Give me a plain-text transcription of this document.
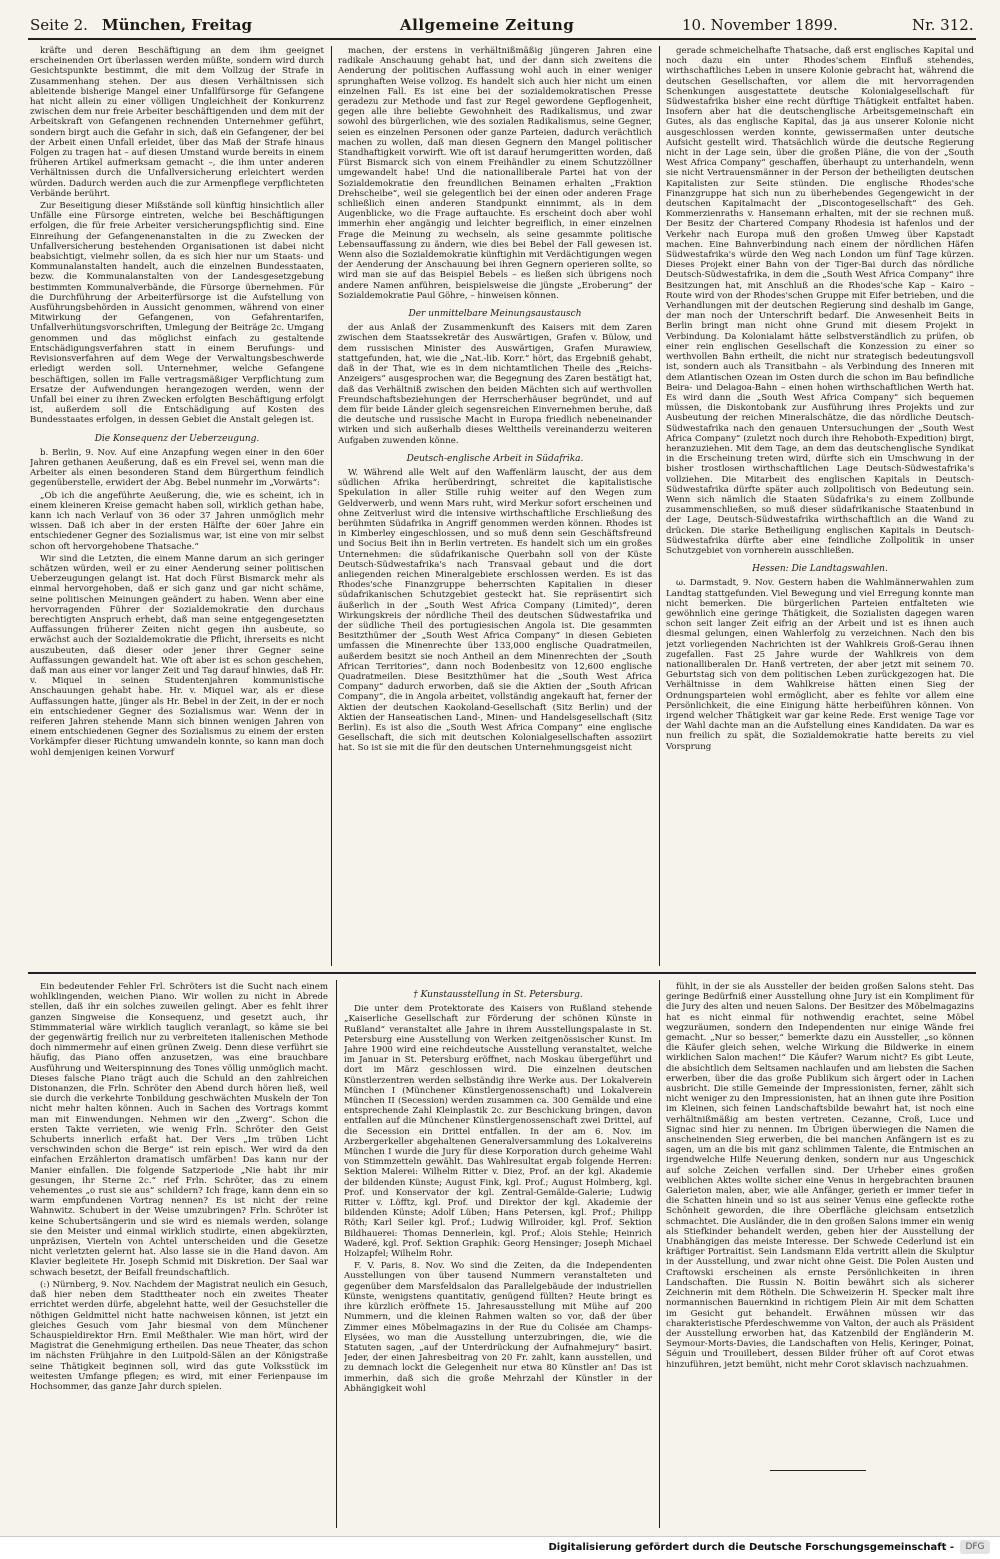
Seite 2. München, Freitag	Allgemeine Zeitung	10. November 1899.	Nr. 312.

kräfte und deren Beschäftigung an dem ihm geeignet erscheinenden Ort überlassen werden müßte, sondern wird durch Gesichtspunkte bestimmt, die mit dem Vollzug der Strafe in Zusammenhang stehen. Der aus diesen Verhältnissen sich ableitende bisherige Mangel einer Unfallfürsorge für Gefangene hat nicht allein zu einer völligen Ungleichheit der Konkurrenz zwischen dem nur freie Arbeiter beschäftigenden und dem mit der Arbeitskraft von Gefangenen rechnenden Unternehmer geführt, sondern birgt auch die Gefahr in sich, daß ein Gefangener, der bei der Arbeit einen Unfall erleidet, über das Maß der Strafe hinaus Folgen zu tragen hat – auf diesen Umstand wurde bereits in einem früheren Artikel aufmerksam gemacht –, die ihm unter anderen Verhältnissen durch die Unfallversicherung erleichtert werden würden. Dadurch werden auch die zur Armenpflege verpflichteten Verbände berührt.

Zur Beseitigung dieser Mißstände soll künftig hinsichtlich aller Unfälle eine Fürsorge eintreten, welche bei Beschäftigungen erfolgen, die für freie Arbeiter versicherungspflichtig sind. Eine Einreihung der Gefangenenanstalten in die zu Zwecken der Unfallversicherung bestehenden Organisationen ist dabei nicht beabsichtigt, vielmehr sollen, da es sich hier nur um Staats- und Kommunalanstalten handelt, auch die einzelnen Bundesstaaten, bezw. die Kommunalanstalten von der Landesgesetzgebung bestimmten Kommunalverbände, die Fürsorge übernehmen. Für die Durchführung der Arbeiterfürsorge ist die Aufstellung von Ausführungsbehörden in Aussicht genommen, während von einer Mitwirkung der Gefangenen, von Gefahrentarifen, Unfallverhütungsvorschriften, Umlegung der Beiträge 2c. Umgang genommen und das möglichst einfach zu gestaltende Entschädigungsverfahren statt in einem Berufungs- und Revisionsverfahren auf dem Wege der Verwaltungsbeschwerde erledigt werden soll. Unternehmer, welche Gefangene beschäftigen, sollen im Falle vertragsmäßiger Verpflichtung zum Ersatze der Aufwendungen herangezogen werden, wenn der Unfall bei einer zu ihren Zwecken erfolgten Beschäftigung erfolgt ist, außerdem soll die Entschädigung auf Kosten des Bundesstaates erfolgen, in dessen Gebiet die Anstalt gelegen ist.

Die Konsequenz der Ueberzeugung.

b. Berlin, 9. Nov. Auf eine Anzapfung wegen einer in den 60er Jahren gethanen Aeußerung, daß es ein Frevel sei, wenn man die Arbeiter als einen besonderen Stand dem Bürgerthum feindlich gegenüberstelle, erwidert der Abg. Bebel nunmehr im „Vorwärts“:

„Ob ich die angeführte Aeußerung, die, wie es scheint, ich in einem kleineren Kreise gemacht haben soll, wirklich gethan habe, kann ich nach Verlauf von 36 oder 37 Jahren unmöglich mehr wissen. Daß ich aber in der ersten Hälfte der 60er Jahre ein entschiedener Gegner des Sozialismus war, ist eine von mir selbst schon oft hervorgehobene Thatsache.“

Wir sind die Letzten, die einem Manne darum an sich geringer schätzen würden, weil er zu einer Aenderung seiner politischen Ueberzeugungen gelangt ist. Hat doch Fürst Bismarck mehr als einmal hervorgehoben, daß er sich ganz und gar nicht schäme, seine politischen Meinungen geändert zu haben. Wenn aber eine hervorragenden Führer der Sozialdemokratie den durchaus berechtigten Anspruch erhebt, daß man seine entgegengesetzten Auffassungen früherer Zeiten nicht gegen ihn ausbeute, so erwächst auch der Sozialdemokratie die Pflicht, ihrerseits es nicht auszubeuten, daß dieser oder jener ihrer Gegner seine Auffassungen gewandelt hat. Wie oft aber ist es schon geschehen, daß man aus einer vor langer Zeit und Tag darauf hinwies, daß Hr. v. Miquel in seinen Studentenjahren kommunistische Anschauungen gehabt habe. Hr. v. Miquel war, als er diese Auffassungen hatte, jünger als Hr. Bebel in der Zeit, in der er noch ein entschiedener Gegner des Sozialismus war. Wenn der in reiferen Jahren stehende Mann sich binnen wenigen Jahren von einem entschiedenen Gegner des Sozialismus zu einem der ersten Vorkämpfer dieser Richtung umwandeln konnte, so kann man doch wohl demjenigen keinen Vorwurf

machen, der erstens in verhältnißmäßig jüngeren Jahren eine radikale Anschauung gehabt hat, und der dann sich zweitens die Aenderung der politischen Auffassung wohl auch in einer weniger sprunghaften Weise vollzog. Es handelt sich auch hier nicht um einen einzelnen Fall. Es ist eine bei der sozialdemokratischen Presse geradezu zur Methode und fast zur Regel gewordene Gepflogenheit, gegen alle ihre beliebte Gewohnheit des Radikalismus, und zwar sowohl des bürgerlichen, wie des sozialen Radikalismus, seine Gegner, seien es einzelnen Personen oder ganze Parteien, dadurch verächtlich machen zu wollen, daß man diesen Gegnern den Mangel politischer Standhaftigkeit vorwirft. Wie oft ist darauf herumgeritten worden, daß Fürst Bismarck sich von einem Freihändler zu einem Schutzzöllner umgewandelt habe! Und die nationalliberale Partei hat von der Sozialdemokratie den freundlichen Beinamen erhalten „Fraktion Drehscheibe“, weil sie gelegentlich bei der einen oder anderen Frage schließlich einen anderen Standpunkt einnimmt, als in dem Augenblicke, wo die Frage auftauchte. Es erscheint doch aber wohl immerhin eher angängig und leichter begreiflich, in einer einzelnen Frage die Meinung zu wechseln, als seine gesammte politische Lebensauffassung zu ändern, wie dies bei Bebel der Fall gewesen ist. Wenn also die Sozialdemokratie künftighin mit Verdächtigungen wegen der Aenderung der Anschauung bei ihren Gegnern operieren sollte, so wird man sie auf das Beispiel Bebels – es ließen sich übrigens noch andere Namen anführen, beispielsweise die jüngste „Eroberung“ der Sozialdemokratie Paul Göhre, – hinweisen können.

Der unmittelbare Meinungsaustausch

der aus Anlaß der Zusammenkunft des Kaisers mit dem Zaren zwischen dem Staatssekretär des Auswärtigen, Grafen v. Bülow, und dem russischen Minister des Auswärtigen, Grafen Murawiew, stattgefunden, hat, wie die „Nat.-lib. Korr.“ hört, das Ergebniß gehabt, daß in der That, wie es in dem nichtamtlichen Theile des „Reichs-Anzeigers“ ausgesprochen war, die Begegnung des Zaren bestätigt hat, daß das Verhältniß zwischen den beiden Mächten sich auf werthvollen Freundschaftsbeziehungen der Herrscherhäuser begründet, und auf dem für beide Länder gleich segensreichen Einvernehmen beruhe, daß die deutsche und russische Macht in Europa friedlich nebeneinander wirken und sich außerhalb dieses Welttheils vereinanderzu weiteren Aufgaben zuwenden könne.

Deutsch-englische Arbeit in Südafrika.

W. Während alle Welt auf den Waffenlärm lauscht, der aus dem südlichen Afrika herüberdringt, schreitet die kapitalistische Spekulation in aller Stille ruhig weiter auf den Wegen zum Geldverwerb, und wenn Mars ruht, wird Merkur sofort erscheinen und ohne Zeitverlust wird die intensive wirthschaftliche Erschließung des berühmten Südafrika in Angriff genommen werden können. Rhodes ist in Kimberley eingeschlossen, und so muß denn sein Geschäftsfreund und Socius Beit ihn in Berlin vertreten. Es handelt sich um ein großes Unternehmen: die südafrikanische Querbahn soll von der Küste Deutsch-Südwestafrika's nach Transvaal gebaut und die dort anliegenden reichen Mineralgebiete erschlossen werden. Es ist das Rhodes'sche Finanzgruppe beherrschten Kapitalien in dieser südafrikanischen Schutzgebiet gesteckt hat. Sie repräsentirt sich äußerlich in der „South West Africa Company (Limited)“, deren Wirkungskreis der nördliche Theil des deutschen Südwestafrika und der südliche Theil des portugiesischen Angola ist. Die gesammten Besitzthümer der „South West Africa Company“ in diesen Gebieten umfassen die Minenrechte über 133,000 englische Quadratmeilen, außerdem besitzt sie noch Antheil an dem Minenrechten der „South African Territories“, dann noch Bodenbesitz von 12,600 englische Quadratmeilen. Diese Besitzthümer hat die „South West Africa Company“ dadurch erworben, daß sie die Aktien der „South African Company“, die in Angola arbeitet, vollständig angekauft hat, ferner der Aktien der deutschen Kaokoland-Gesellschaft (Sitz Berlin) und der Aktien der Hanseatischen Land-, Minen- und Handelsgesellschaft (Sitz Berlin). Es ist also die „South West Africa Company“ eine englische Gesellschaft, die sich mit deutschen Kolonialgesellschaften assoziirt hat. So ist sie mit die für den deutschen Unternehmungsgeist nicht

gerade schmeichelhafte Thatsache, daß erst englisches Kapital und noch dazu ein unter Rhodes'schem Einfluß stehendes, wirthschaftliches Leben in unsere Kolonie gebracht hat, während die deutschen Gesellschaften, vor allem die mit hervorragenden Schenkungen ausgestattete deutsche Kolonialgesellschaft für Südwestafrika bisher eine recht dürftige Thätigkeit entfaltet haben. Insofern aber hat die deutschenglische Arbeitsgemeinschaft ein Gutes, als das englische Kapital, das ja aus unserer Kolonie nicht ausgeschlossen werden konnte, gewissermaßen unter deutsche Aufsicht gestellt wird. Thatsächlich würde die deutsche Regierung nicht in der Lage sein, über die großen Pläne, die von der „South West Africa Company“ geschaffen, überhaupt zu unterhandeln, wenn sie nicht Vertrauensmänner in der Person der betheiligten deutschen Kapitalisten zur Seite stünden. Die englische Rhodes'sche Finanzgruppe hat sich nun zu überhebendes Gegengewicht in der deutschen Kapitalmacht der „Discontogesellschaft“ des Geh. Kommerzienraths v. Hansemann erhalten, mit der sie rechnen muß. Der Besitz der Chartered Company Rhodesia ist hafenlos und der Verkehr nach Europa muß den großen Umweg über Kapstadt machen. Eine Bahnverbindung nach einem der nördlichen Häfen Südwestafrika's würde den Weg nach London um fünf Tage kürzen. Dieses Projekt einer Bahn von der Tiger-Bai durch das nördliche Deutsch-Südwestafrika, in dem die „South West Africa Company“ ihre Besitzungen hat, mit Anschluß an die Rhodes'sche Kap – Kairo – Route wird von der Rhodes'schen Gruppe mit Eifer betrieben, und die Verhandlungen mit der deutschen Regierung sind deshalb im Gange, der man noch der Unterschrift bedarf. Die Anwesenheit Beits in Berlin bringt man nicht ohne Grund mit diesem Projekt in Verbindung. Da Kolonialamt hätte selbstverständlich zu prüfen, ob einer rein englischen Gesellschaft die Konzession zu einer so werthvollen Bahn ertheilt, die nicht nur strategisch bedeutungsvoll ist, sondern auch als Transitbahn – als Verbindung des Inneren mit dem Atlantischen Ozean im Osten durch die schon im Bau befindliche Beira- und Delagoa-Bahn – einen hohen wirthschaftlichen Werth hat. Es wird dann die „South West Africa Company“ sich bequemen müssen, die Diskontobank zur Ausführung ihres Projekts und zur Ausbeutung der reichen Mineralschätze, die das nördliche Deutsch-Südwestafrika nach den genauen Untersuchungen der „South West Africa Company“ (zuletzt noch durch ihre Rehoboth-Expedition) birgt, heranzuziehen. Mit dem Tage, an dem das deutschenglische Syndikat in die Erscheinung treten wird, dürfte sich ein Umschwung in der bisher trostlosen wirthschaftlichen Lage Deutsch-Südwestafrika's vollziehen. Die Mitarbeit des englischen Kapitals in Deutsch-Südwestafrika dürfte später auch zollpolitisch von Bedeutung sein. Wenn sich nämlich die Staaten Südafrika's zu einem Zollbunde zusammenschließen, so muß dieser südafrikanische Staatenbund in der Lage, Deutsch-Südwestafrika wirthschaftlich an die Wand zu drücken. Die starke Betheiligung englischen Kapitals in Deutsch-Südwestafrika dürfte aber eine feindliche Zollpolitik in unser Schutzgebiet von vornherein ausschließen.

Hessen: Die Landtagswahlen.

ω. Darmstadt, 9. Nov. Gestern haben die Wahlmännerwahlen zum Landtag stattgefunden. Viel Bewegung und viel Erregung konnte man nicht bemerken. Die bürgerlichen Parteien entfalteten wie gewöhnlich eine geringe Thätigkeit, die Sozialisten dagegen waren schon seit langer Zeit eifrig an der Arbeit und ist es ihnen auch diesmal gelungen, einen Wahlerfolg zu verzeichnen. Nach den bis jetzt vorliegenden Nachrichten ist der Wahlkreis Groß-Gerau ihnen zugefallen. Fast 25 Jahre wurde der Wahlkreis von dem nationalliberalen Dr. Hanß vertreten, der aber jetzt mit seinem 70. Geburtstag sich von dem politischen Leben zurückgezogen hat. Die Verhältnisse in dem Wahlkreise hätten einen Sieg der Ordnungsparteien wohl ermöglicht, aber es fehlte vor allem eine Persönlichkeit, die eine Einigung hätte herbeiführen können. Von irgend welcher Thätigkeit war gar keine Rede. Erst wenige Tage vor der Wahl dachte man an die Aufstellung eines Kandidaten. Da war es nun freilich zu spät, die Sozialdemokratie hatte bereits zu viel Vorsprung

Ein bedeutender Fehler Frl. Schröters ist die Sucht nach einem wohlklingenden, weichen Piano. Wir wollen zu nicht in Abrede stellen, daß ihr ein solches zuweilen gelingt. Aber es fehlt ihrer ganzen Singweise die Konsequenz, und gesetzt auch, ihr Stimmmaterial wäre wirklich tauglich veranlagt, so käme sie bei der gegenwärtig freilich nur zu verbreiteten italienischen Methode doch nimmermehr auf einen grünen Zweig. Denn diese verführt sie häufig, das Piano offen anzusetzen, was eine brauchbare Ausführung und Weiterspinnung des Tones völlig unmöglich macht. Dieses falsche Piano trägt auch die Schuld an den zahlreichen Distonanzen, die Frln. Schröter den Abend durch hören ließ, weil sie durch die verkehrte Tonbildung geschwächten Muskeln der Ton nicht mehr halten können. Auch in Sachen des Vortrags kommt man mit Einwendungen. Nehmen wir den „Zwerg“. Schon die ersten Takte verrieten, wie wenig Frln. Schröter den Geist Schuberts innerlich erfaßt hat. Der Vers „Im trüben Licht verschwinden schon die Berge“ ist rein episch. Wer wird da den einfachen Erzählerton dramatisch umfärben! Das kann nur der Manier einfallen. Die folgende Satzperiode „Nie habt ihr mir gesungen, ihr Sterne 2c.“ rief Frln. Schröter, das zu einem vehementes „o rust sie aus“ schildern? Ich frage, kann denn ein so warm empfundenen Vortrag nennen? Es ist nicht der reine Wahnwitz. Schubert in der Weise umzubringen? Frln. Schröter ist keine Schubertsängerin und sie wird es niemals werden, solange sie den Meister und einmal wirklich studirte, einen abgekürzten, unpräzisen, Vierteln von Achtel unterscheiden und die Gesetze nicht verletzten gelernt hat. Also lasse sie in die Hand davon. Am Klavier begleitete Hr. Joseph Schmid mit Diskretion. Der Saal war schwach besetzt, der Beifall freundschaftlich.

(:) Nürnberg, 9. Nov. Nachdem der Magistrat neulich ein Gesuch, daß hier neben dem Stadttheater noch ein zweites Theater errichtet werden dürfe, abgelehnt hatte, weil der Gesuchsteller die nöthigen Geldmittel nicht hatte nachweisen können, ist jetzt ein gleiches Gesuch vom Jahr biesmal von dem Münchener Schauspieldirektor Hrn. Emil Meßthaler. Wie man hört, wird der Magistrat die Genehmigung ertheilen. Das neue Theater, das schon im nächsten Frühjahre in den Luitpold-Sälen an der Königstraße seine Thätigkeit beginnen soll, wird das gute Volksstück im weitesten Umfange pflegen; es wird, mit einer Ferienpause im Hochsommer, das ganze Jahr durch spielen.

† Kunstausstellung in St. Petersburg.

Die unter dem Protektorate des Kaisers von Rußland stehende „Kaiserliche Gesellschaft zur Förderung der schönen Künste in Rußland“ veranstaltet alle Jahre in ihrem Ausstellungspalaste in St. Petersburg eine Ausstellung von Werken zeitgenössischer Kunst. Im Jahre 1900 wird eine reichdeutsche Ausstellung veranstaltet, welche im Januar in St. Petersburg eröffnet, nach Moskau übergeführt und dort im März geschlossen wird. Die einzelnen deutschen Künstlerzentren werden selbständig ihre Werke aus. Der Lokalverein München I (Münchener Künstlergenossenschaft) und Lokalverein München II (Secession) werden zusammen ca. 300 Gemälde und eine entsprechende Zahl Kleinplastik 2c. zur Beschickung bringen, davon entfallen auf die Münchener Künstlergenossenschaft zwei Drittel, auf die Secession ein Drittel entfallen. In der am 6. Nov. im Arzbergerkeller abgehaltenen Generalversammlung des Lokalvereins München I wurde die Jury für diese Korporation durch geheime Wahl von Stimmzetteln gewählt. Das Wahlresultat ergab folgende Herren: Sektion Malerei: Wilhelm Ritter v. Diez, Prof. an der kgl. Akademie der bildenden Künste; August Fink, kgl. Prof.; August Holmberg, kgl. Prof. und Konservator der kgl. Zentral-Gemälde-Galerie; Ludwig Ritter v. Löfftz, kgl. Prof. und Direktor der kgl. Akademie der bildenden Künste; Adolf Lüben; Hans Petersen, kgl. Prof.; Philipp Röth; Karl Seiler kgl. Prof.; Ludwig Willroider, kgl. Prof. Sektion Bildhauerei: Thomas Dennerlein, kgl. Prof.; Alois Stehle; Heinrich Waderé, kgl. Prof. Sektion Graphik: Georg Hensinger; Joseph Michael Holzapfel; Wilhelm Rohr.

F. V. Paris, 8. Nov. Wo sind die Zeiten, da die Independenten Ausstellungen von über tausend Nummern veranstalteten und gegenüber dem Marsfeldsalon das Parallelgebäude der industriellen Künste, wenigstens quantitativ, genügend füllten? Heute bringt es ihre kürzlich eröffnete 15. Jahresausstellung mit Mühe auf 200 Nummern, und die kleinen Rahmen walten so vor, daß der über Zimmer eines Möbelmagazins in der Rue du Colisée am Champs-Elysées, wo man die Ausstellung unterzubringen, die, wie die Statuten sagen, „auf der Unterdrückung der Aufnahmejury“ basirt. Jeder, der einen Jahresbeitrag von 20 Fr. zahlt, kann ausstellen, und zu demnach lockt die Gelegenheit nur etwa 80 Künstler an! Das ist immerhin, daß sich die große Mehrzahl der Künstler in der Abhängigkeit wohl

fühlt, in der sie als Aussteller der beiden großen Salons steht. Das geringe Bedürfniß einer Ausstellung ohne Jury ist ein Kompliment für die Jury des alten und neuen Salons. Der Besitzer des Möbelmagazins hat es nicht einmal für nothwendig erachtet, seine Möbel wegzuräumen, sondern den Independenten nur einige Wände frei gemacht. „Nur so besser,“ bemerkte dazu ein Aussteller, „so können die Käufer gleich sehen, welche Wirkung die Bildwerke in einem wirklichen Salon machen!“ Die Käufer? Warum nicht? Es gibt Leute, die absichtlich dem Seltsamen nachlaufen und am liebsten die Sachen erwerben, über die das große Publikum sich ärgert oder in Lachen ausbricht. Die stille Gemeinde der Impressionisten, ferner, zählt sich nicht weniger zu den Impressionisten, hat an ihnen gute ihre Position im Kleinen, sich feinen Landschaftsbilde bewahrt hat, ist noch eine verhältnißmäßig am besten vertreten. Cezanne, Croß, Luce und Signac sind hier zu nennen. Im Übrigen überwiegen die Namen die anscheinenden Sieg erwerben, die bei manchen Anfängern ist es zu sagen, um an die bis mit ganz schlimmen Talente, die Entmischen an irgendwelche Hilfe Neuerung denken, sondern nur aus Ungeschick auf solche Zeichen verfallen sind. Der Urheber eines großen weiblichen Aktes wollte sicher eine Venus in hergebrachten braunen Galerieton malen, aber, wie alle Anfänger, gerieth er immer tiefer in die Schatten hinein und so ist aus seiner Venus eine gefleckte rothe Schönheit geworden, die ihre Oberfläche gleichsam entsetzlich schmachtet. Die Ausländer, die in den großen Salons immer ein wenig als Stiefkinder behandelt werden, geben hier der Ausstellung der Unabhängigen das meiste Interesse. Der Schwede Cederlund ist ein kräftiger Portraitist. Sein Landsmann Elda vertritt allein die Skulptur in der Ausstellung, und zwar nicht ohne Geist. Die Polen Austen und Craftowski erscheinen als ernste Persönlichkeiten in ihren Landschaften. Die Russin N. Boitin bewährt sich als sicherer Zeichnerin mit dem Rötheln. Die Schweizerin H. Specker malt ihre normannischen Bauernkind in richtigem Plein Air mit dem Schatten im Gesicht gut behandelt. Erwähnen müssen wir das charakteristische Pferdeschwemme von Valton, der auch als Präsident der Ausstellung erworben hat, das Katzenbild der Engländerin M. Seymour-Morts-Davies, die Landschaften von Helis, Keringer, Poinat, Séguin und Trouillebert, dessen Bilder früher oft auf Corot etwas hinzuführen, jetzt bemüht, nicht mehr Corot sklavisch nachzuahmen.

Digitalisierung gefördert durch die Deutsche Forschungsgemeinschaft -	DFG
